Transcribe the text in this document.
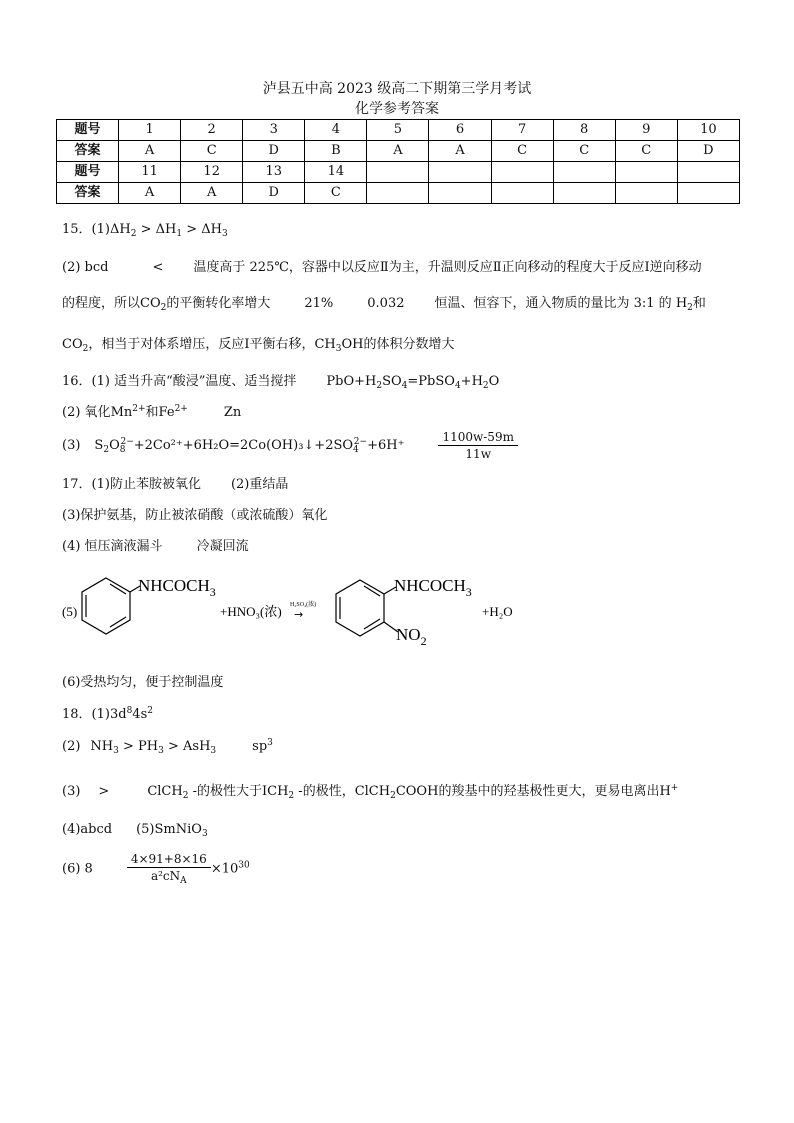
泸县五中高 2023 级高二下期第三学月考试
化学参考答案
题号	1	2	3	4	5	6	7	8	9	10
答案	A	C	D	B	A	A	C	C	C	D
题号	11	12	13	14						
答案	A	A	D	C						
15．$(1)\Delta H_2 > \Delta H_1 > \Delta H_3$
(2) bcd	< 温度高于 225℃，容器中以反应Ⅱ为主，升温则反应Ⅱ正向移动的程度大于反应Ⅰ逆向移动
的程度，所以$CO_2$的平衡转化率增大	21%	0.032 恒温、恒容下，通入物质的量比为 3:1 的 $H_2$和
$CO_2$，相当于对体系增压，反应Ⅰ平衡右移，$CH_3OH$的体积分数增大
16．(1) 适当升高“酸浸”温度、适当搅拌 $PbO+H_2SO_4=PbSO_4+H_2O$
(2) 氧化$Mn^{2+}$和$Fe^{2+}$	Zn
(3) $S_2O_8^{2-}+2Co^{2+}+6H_2O=2Co(OH)_3↓+2SO_4^{2-}+6H^+$	$\frac{1100w-59m}{11w}$
17．(1)防止苯胺被氧化 (2)重结晶
(3)保护氨基，防止被浓硝酸（或浓硫酸）氧化
(4) 恒压滴液漏斗	冷凝回流
(5)
$NHCOCH_3$
+HNO₃(浓) H₂SO₄(浓)
→
$NHCOCH_3$
$NO_2$
+H₂O
(6)受热均匀，便于控制温度
18．$(1)3d^84s^2$
(2) $NH_3 > PH_3 > AsH_3$	$sp^3$
(3) >	ClCH$_2$ -的极性大于$ICH_2$ -的极性，ClCH$_2$COOH的羧基中的羟基极性更大，更易电离出H+
(4)abcd (5)SmNiO$_3$
(6) 8	$\frac{4\times 91+8\times 16}{a^2cN_A} \times 10^{30}$
